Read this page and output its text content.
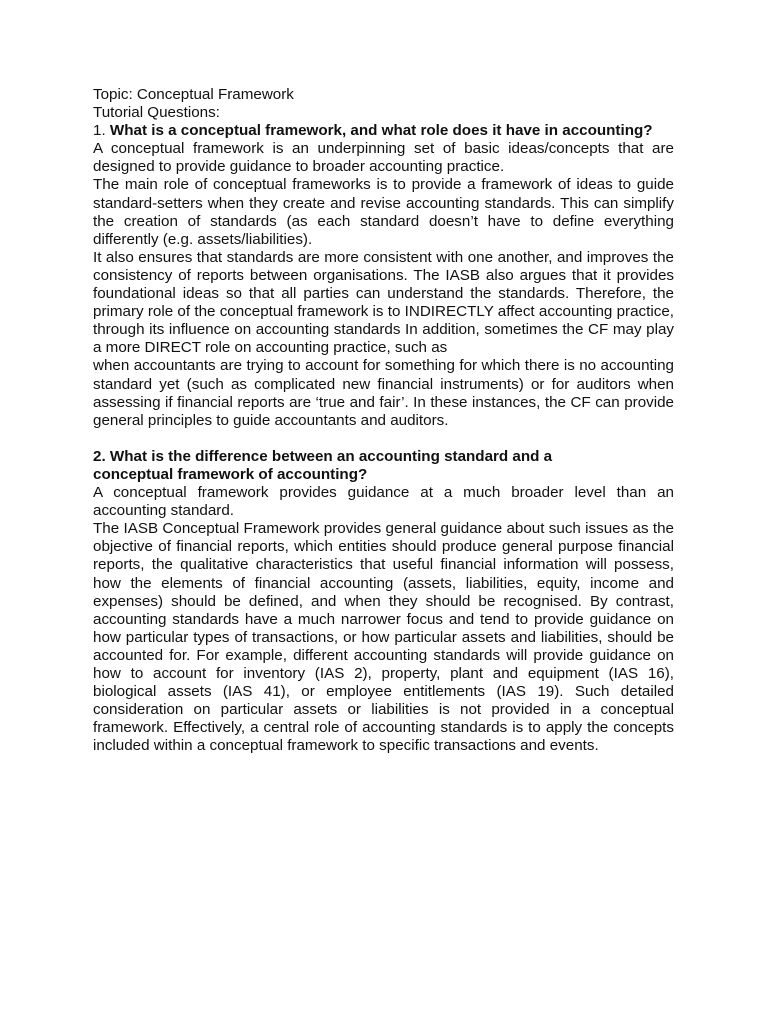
Topic: Conceptual Framework
Tutorial Questions:
1. What is a conceptual framework, and what role does it have in accounting?
A conceptual framework is an underpinning set of basic ideas/concepts that are designed to provide guidance to broader accounting practice.
The main role of conceptual frameworks is to provide a framework of ideas to guide standard-setters when they create and revise accounting standards. This can simplify the creation of standards (as each standard doesn’t have to define everything differently (e.g. assets/liabilities).
It also ensures that standards are more consistent with one another, and improves the consistency of reports between organisations. The IASB also argues that it provides foundational ideas so that all parties can understand the standards. Therefore, the primary role of the conceptual framework is to INDIRECTLY affect accounting practice, through its influence on accounting standards In addition, sometimes the CF may play a more DIRECT role on accounting practice, such as
when accountants are trying to account for something for which there is no accounting standard yet (such as complicated new financial instruments) or for auditors when assessing if financial reports are ‘true and fair’. In these instances, the CF can provide general principles to guide accountants and auditors.
2. What is the difference between an accounting standard and a
conceptual framework of accounting?
A conceptual framework provides guidance at a much broader level than an accounting standard.
The IASB Conceptual Framework provides general guidance about such issues as the objective of financial reports, which entities should produce general purpose financial reports, the qualitative characteristics that useful financial information will possess, how the elements of financial accounting (assets, liabilities, equity, income and expenses) should be defined, and when they should be recognised. By contrast, accounting standards have a much narrower focus and tend to provide guidance on how particular types of transactions, or how particular assets and liabilities, should be accounted for. For example, different accounting standards will provide guidance on how to account for inventory (IAS 2), property, plant and equipment (IAS 16), biological assets (IAS 41), or employee entitlements (IAS 19). Such detailed consideration on particular assets or liabilities is not provided in a conceptual framework. Effectively, a central role of accounting standards is to apply the concepts included within a conceptual framework to specific transactions and events.
